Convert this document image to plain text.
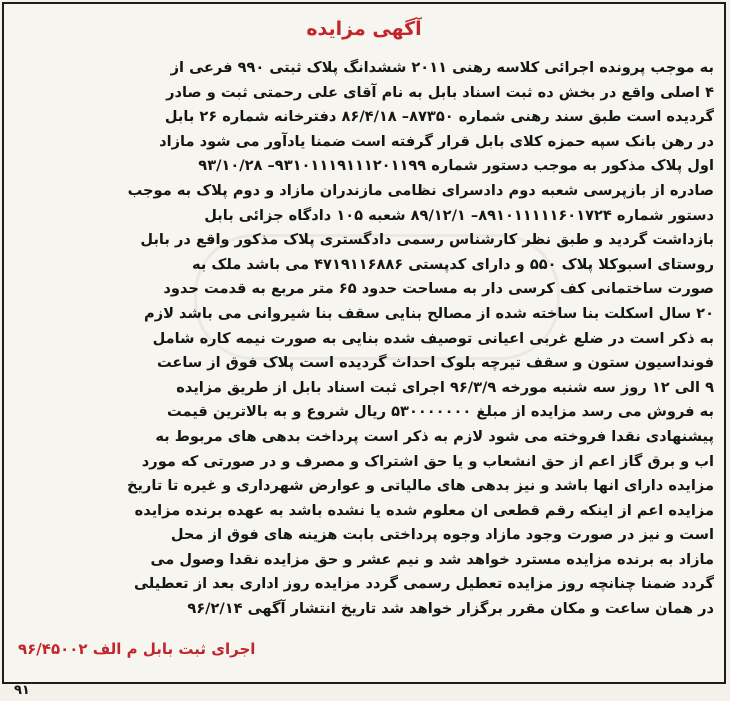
آگهی مزایده
به موجب پرونده اجرائی کلاسه رهنی ۲۰۱۱ ششدانگ پلاک ثبتی ۹۹۰ فرعی از
۴ اصلی واقع در بخش ده ثبت اسناد بابل به نام آقای علی رحمتی ثبت و صادر
گردیده است طبق سند رهنی شماره ۸۷۳۵۰– ۸۶/۴/۱۸ دفترخانه شماره ۲۶ بابل
در رهن بانک سپه حمزه کلای بابل قرار گرفته است ضمنا یادآور می شود مازاد
اول پلاک مذکور به موجب دستور شماره ۹۳۱۰۱۱۱۹۱۱۱۲۰۱۱۹۹– ۹۳/۱۰/۲۸
صادره از بازپرسی شعبه دوم دادسرای نظامی مازندران مازاد و دوم پلاک به موجب
دستور شماره ۸۹۱۰۱۱۱۱۱۶۰۱۷۲۴– ۸۹/۱۲/۱ شعبه ۱۰۵ دادگاه جزائی بابل
بازداشت گردید و طبق نظر کارشناس رسمی دادگستری پلاک مذکور واقع در بابل
روستای اسبوکلا پلاک ۵۵۰ و دارای کدپستی ۴۷۱۹۱۱۶۸۸۶ می باشد ملک به
صورت ساختمانی کف کرسی دار به مساحت حدود ۶۵ متر مربع به قدمت حدود
۲۰ سال اسکلت بنا ساخته شده از مصالح بنایی سقف بنا شیروانی می باشد لازم
به ذکر است در ضلع غربی اعیانی توصیف شده بنایی به صورت نیمه کاره شامل
فونداسیون ستون و سقف تیرچه بلوک احداث گردیده است پلاک فوق از ساعت
۹ الی ۱۲ روز سه شنبه مورخه ۹۶/۳/۹ اجرای ثبت اسناد بابل از طریق مزایده
به فروش می رسد مزایده از مبلغ ۵۳۰۰۰۰۰۰۰ ریال شروع و به بالاترین قیمت
پیشنهادی نقدا فروخته می شود لازم به ذکر است پرداخت بدهی های مربوط به
اب و برق گاز اعم از حق انشعاب و یا حق اشتراک و مصرف و در صورتی که مورد
مزایده دارای انها باشد و نیز بدهی های مالیاتی و عوارض شهرداری و غیره تا تاریخ
مزایده اعم از اینکه رقم قطعی ان معلوم شده یا نشده باشد به عهده برنده مزایده
است و نیز در صورت وجود مازاد وجوه پرداختی بابت هزینه های فوق از محل
مازاد به برنده مزایده مسترد خواهد شد و نیم عشر و حق مزایده نقدا وصول می
گردد ضمنا چنانچه روز مزایده تعطیل رسمی گردد مزایده روز اداری بعد از تعطیلی
در همان ساعت و مکان مقرر برگزار خواهد شد تاریخ انتشار آگهی ۹۶/۲/۱۴
اجرای ثبت بابل م الف ۹۶/۴۵۰۰۲
۹۱
